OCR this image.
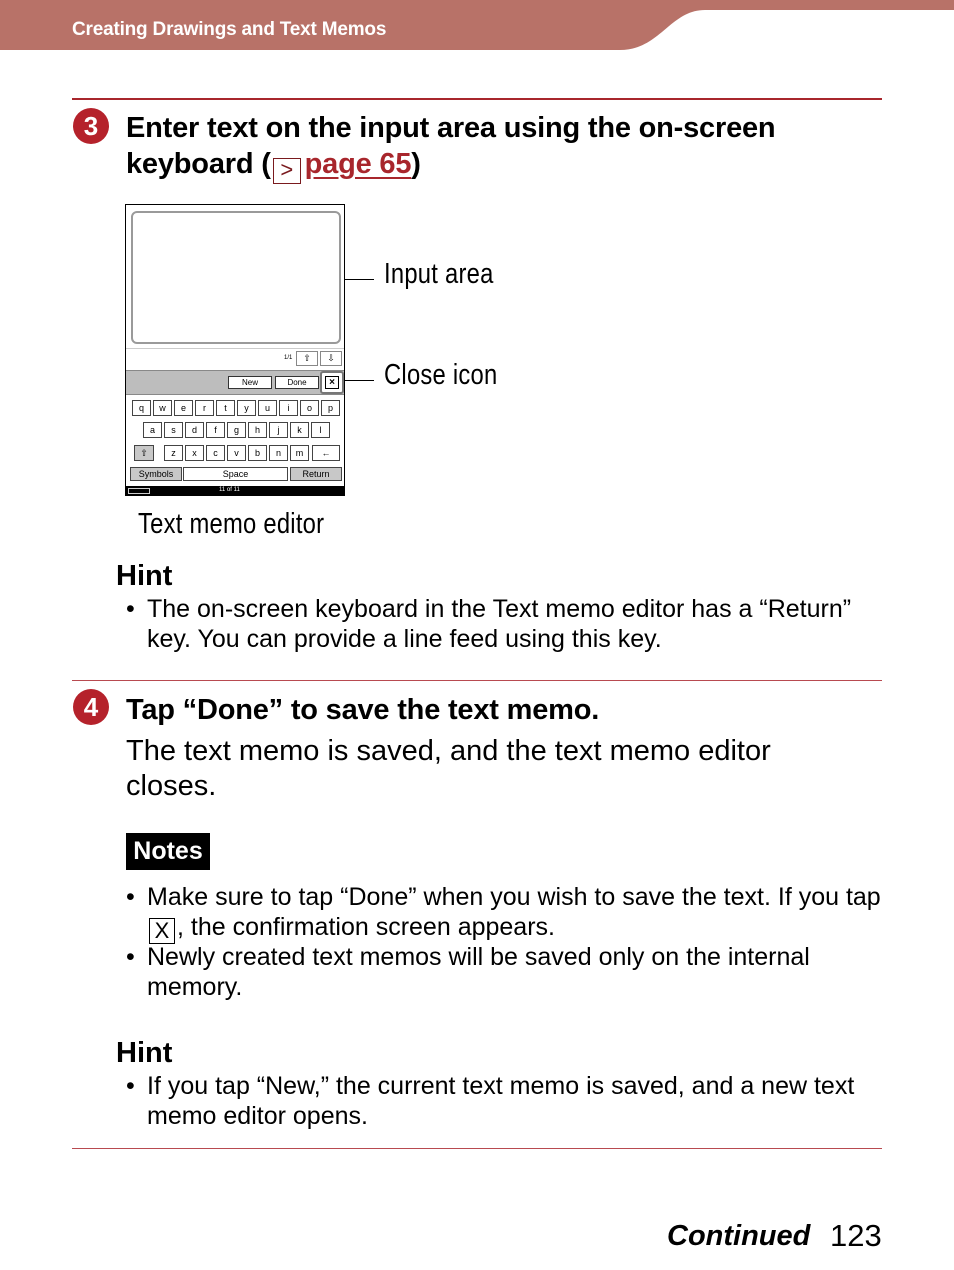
Creating Drawings and Text Memos
3 Enter text on the input area using the on-screen
keyboard ( > page 65)
1/1	⇧	⇩
New	Done	×
⇧	←
Symbols	Space	Return
11 of 11
q	w	e	r	t	y	u	i	o	p
a	s	d	f	g	h	j	k	l
z	x	c	v	b	n	m
Input area
Close icon
Text memo editor
Hint
• The on-screen keyboard in the Text memo editor has a “Return” key. You can provide a line feed using this key.
4 Tap “Done” to save the text memo.
The text memo is saved, and the text memo editor closes.
Notes
• Make sure to tap “Done” when you wish to save the text. If you tap X , the confirmation screen appears.
• Newly created text memos will be saved only on the internal memory.
Hint
• If you tap “New,” the current text memo is saved, and a new text memo editor opens.
Continued 123
